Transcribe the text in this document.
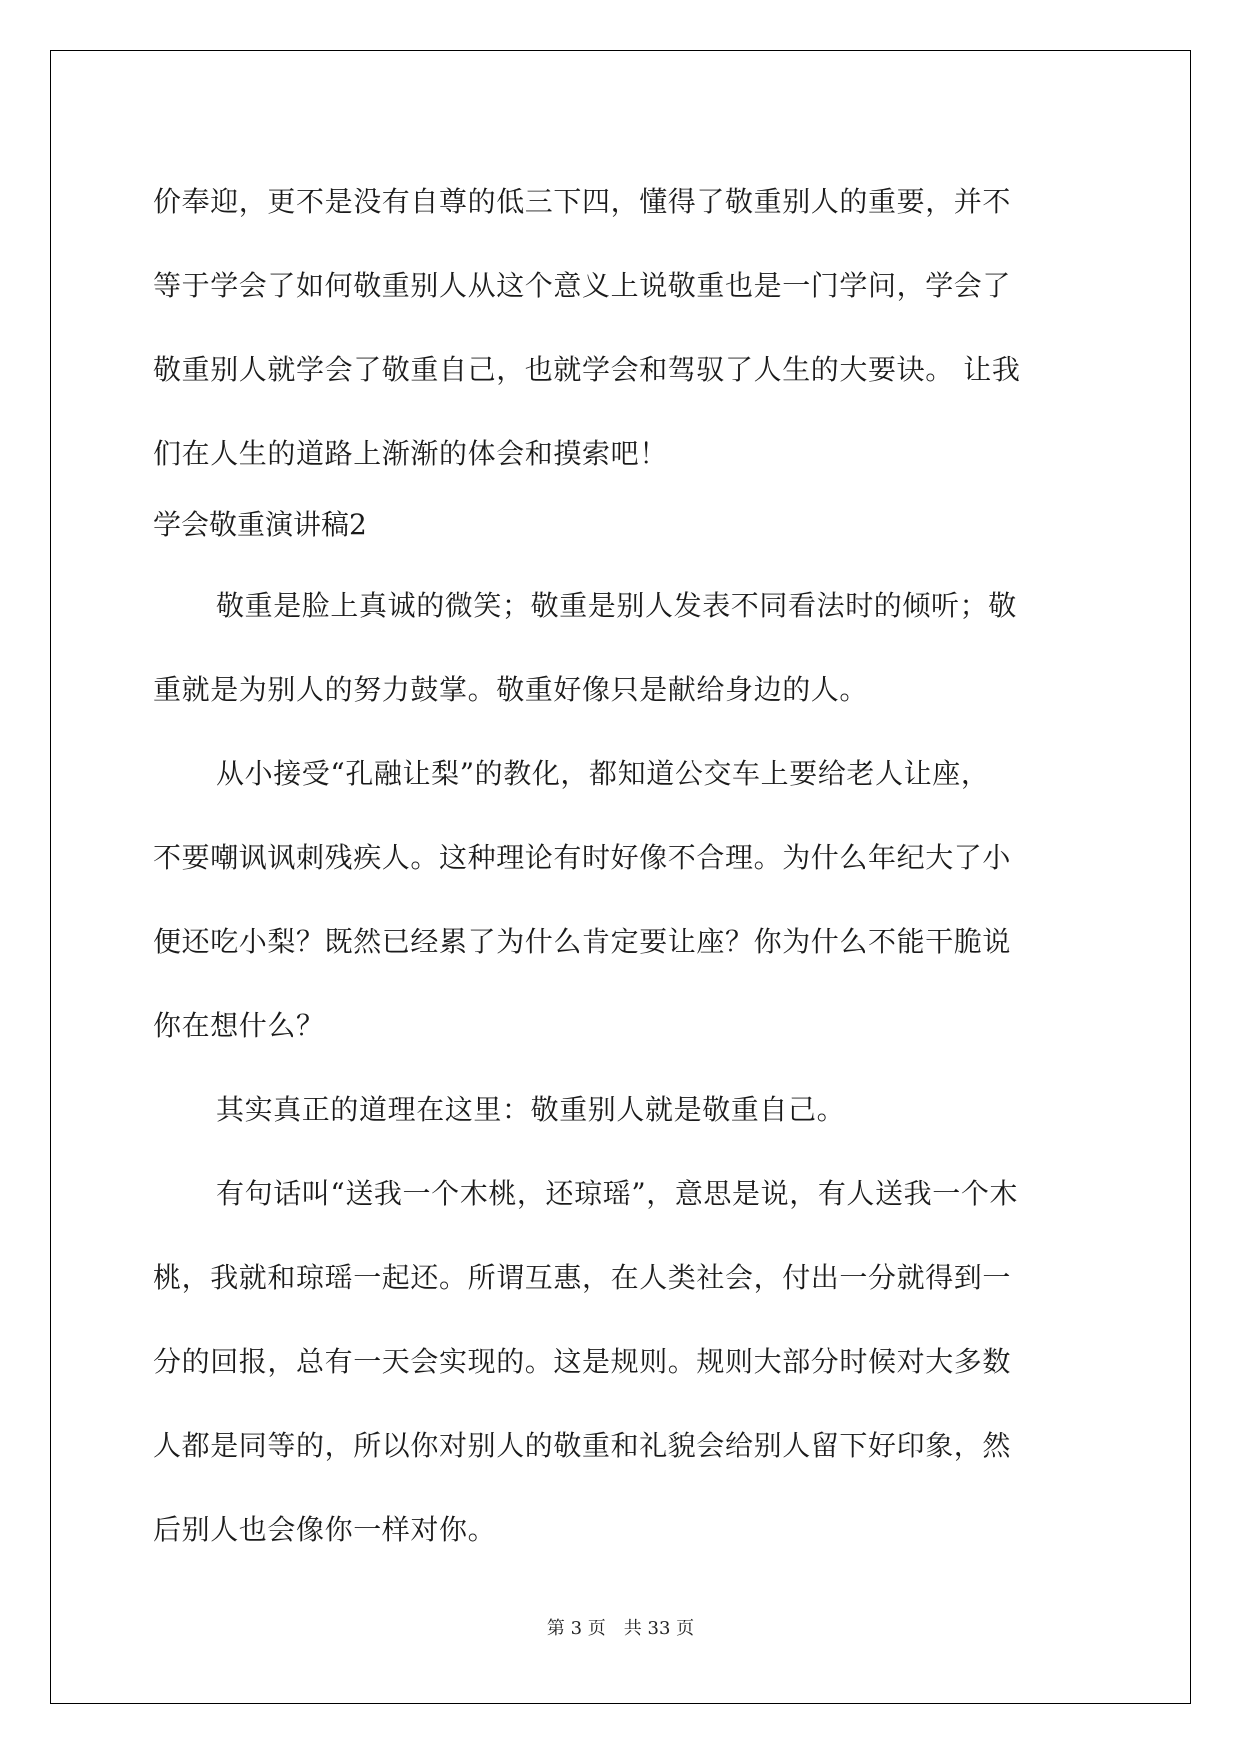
价奉迎，更不是没有自尊的低三下四，懂得了敬重别人的重要，并不
等于学会了如何敬重别人从这个意义上说敬重也是一门学问，学会了
敬重别人就学会了敬重自己，也就学会和驾驭了人生的大要诀。 让我
们在人生的道路上渐渐的体会和摸索吧！
学会敬重演讲稿2
敬重是脸上真诚的微笑；敬重是别人发表不同看法时的倾听；敬
重就是为别人的努力鼓掌。敬重好像只是献给身边的人。
从小接受“孔融让梨”的教化，都知道公交车上要给老人让座，
不要嘲讽讽刺残疾人。这种理论有时好像不合理。为什么年纪大了小
便还吃小梨？既然已经累了为什么肯定要让座？你为什么不能干脆说
你在想什么？
其实真正的道理在这里：敬重别人就是敬重自己。
有句话叫“送我一个木桃，还琼瑶”，意思是说，有人送我一个木
桃，我就和琼瑶一起还。所谓互惠，在人类社会，付出一分就得到一
分的回报，总有一天会实现的。这是规则。规则大部分时候对大多数
人都是同等的，所以你对别人的敬重和礼貌会给别人留下好印象，然
后别人也会像你一样对你。
第 3 页　共 33 页
